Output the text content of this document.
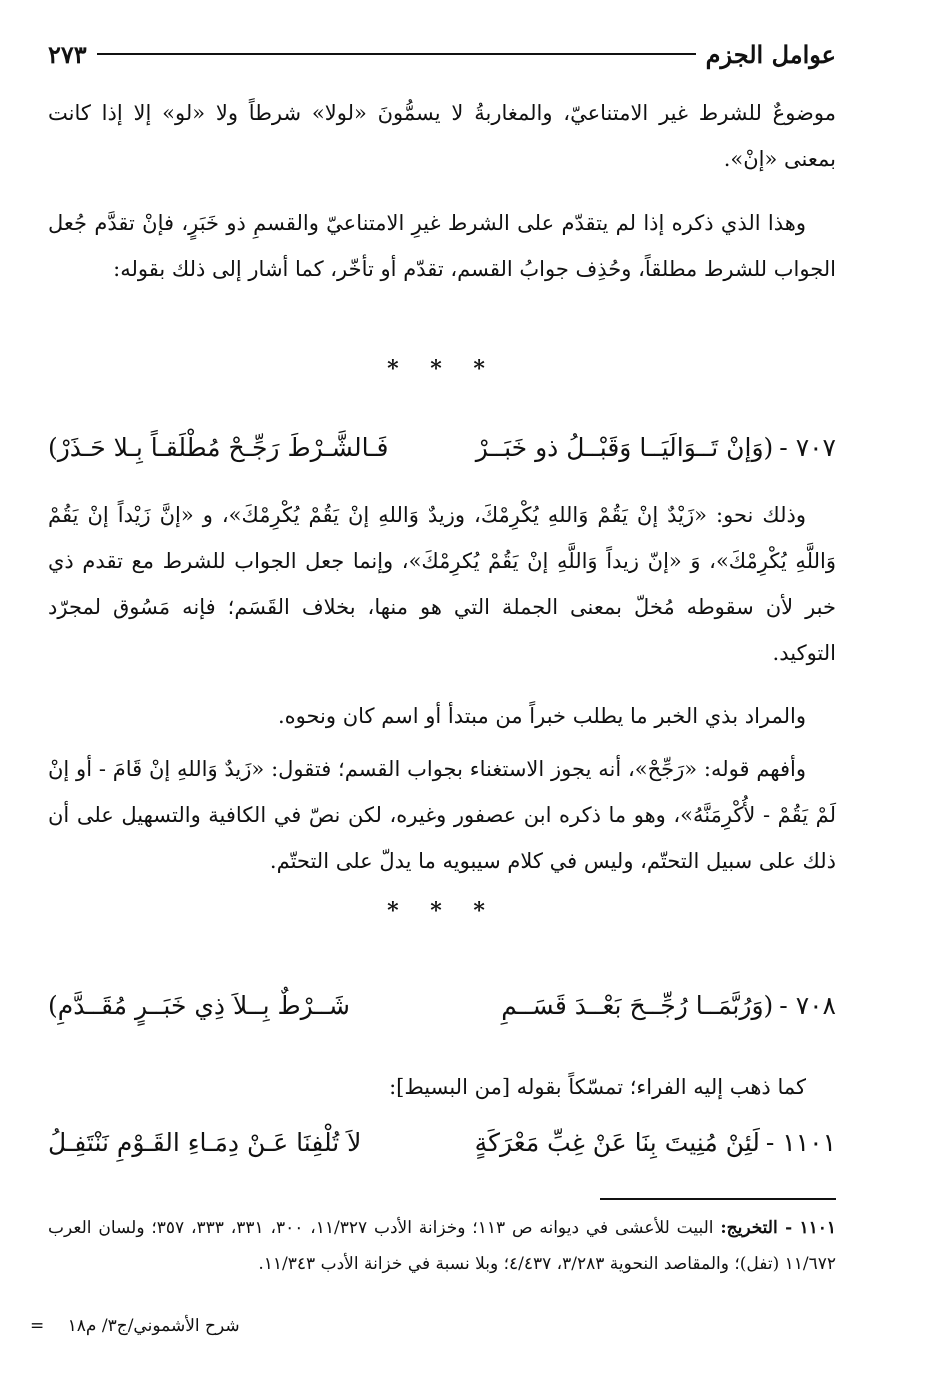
عوامل الجزم
٢٧٣
موضوعٌ للشرط غير الامتناعيّ، والمغاربةُ لا يسمُّونَ «لولا» شرطاً ولا «لو» إلا إذا كانت بمعنى «إنْ».
وهذا الذي ذكره إذا لم يتقدّم على الشرط غيرِ الامتناعيّ والقسمِ ذو خَبَرٍ، فإنْ تقدَّم جُعل الجواب للشرط مطلقاً، وحُذِف جوابُ القسم، تقدّم أو تأخّر، كما أشار إلى ذلك بقوله:
* * *
٧٠٧ -
(وَإنْ تَــوَالَيَــا وَقَبْــلُ ذو خَبَــرْ
فَـالشَّـرْطَ رَجِّـحْ مُطْلَقـاً بِـلا حَـذَرْ)
وذلك نحو: «زَيْدٌ إنْ يَقُمْ وَاللهِ يُكْرِمْكَ، وزيدٌ وَاللهِ إنْ يَقُمْ يُكْرِمْكَ»، و «إنَّ زَيْداً إنْ يَقُمْ وَاللَّهِ يُكْرِمْكَ»، وَ «إنّ زيداً وَاللَّهِ إنْ يَقُمْ يُكرِمْكَ»، وإنما جعل الجواب للشرط مع تقدم ذي خبر لأن سقوطه مُخلّ بمعنى الجملة التي هو منها، بخلاف القَسَم؛ فإنه مَسُوق لمجرّد التوكيد.
والمراد بذي الخبر ما يطلب خبراً من مبتدأ أو اسم كان ونحوه.
وأفهم قوله: «رَجِّحْ»، أنه يجوز الاستغناء بجواب القسم؛ فتقول: «زَيدٌ وَاللهِ إنْ قَامَ - أو إنْ لَمْ يَقُمْ - لأُكْرِمَنَّهُ»، وهو ما ذكره ابن عصفور وغيره، لكن نصّ في الكافية والتسهيل على أن ذلك على سبيل التحتّم، وليس في كلام سيبويه ما يدلّ على التحتّم.
* * *
٧٠٨ -
(وَرُبَّمَــا رُجِّــحَ بَعْــدَ قَسَــمِ
شَــرْطٌ بِــلاَ ذِي خَبَــرٍ مُقَــدَّمِ)
كما ذهب إليه الفراء؛ تمسّكاً بقوله [من البسيط]:
١١٠١ -
لَئِنْ مُنِيتَ بِنَا عَنْ غِبِّ مَعْرَكَةٍ
لاَ تُلْفِنَا عَـنْ دِمَـاءِ القَـوْمِ نَنْتَفِـلُ
١١٠١ - التخريج: البيت للأعشى في ديوانه ص ١١٣؛ وخزانة الأدب ١١/٣٢٧، ٣٠٠، ٣٣١، ٣٣٣، ٣٥٧؛ ولسان العرب ١١/٦٧٢ (تفل)؛ والمقاصد النحوية ٣/٢٨٣، ٤/٤٣٧؛ وبلا نسبة في خزانة الأدب ١١/٣٤٣.
شرح الأشموني/ج٣/ م١٨ =
